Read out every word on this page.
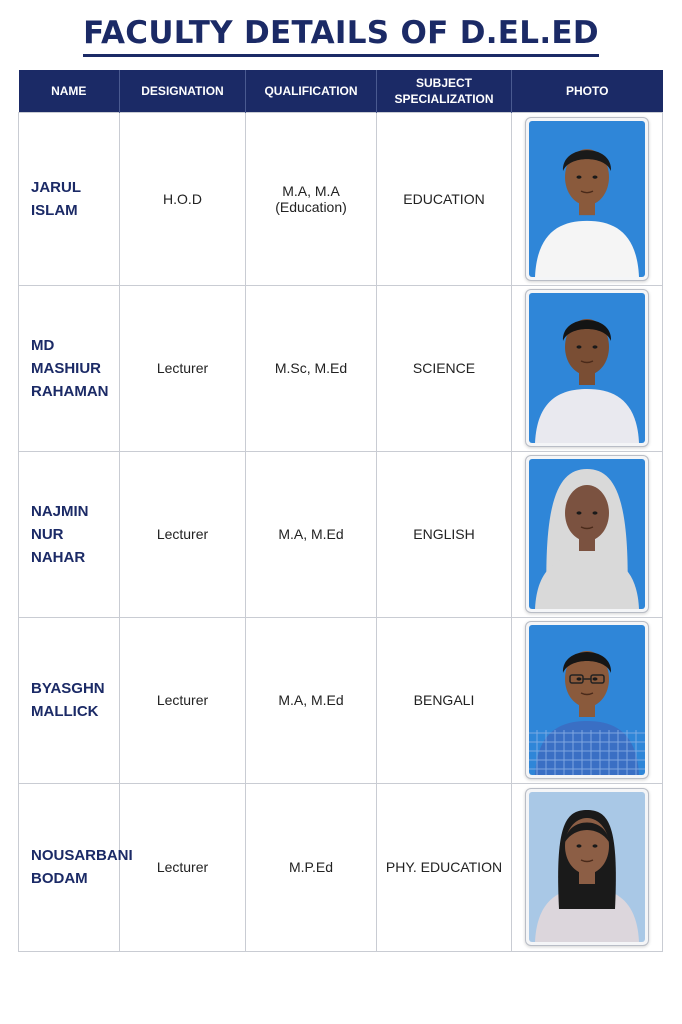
FACULTY DETAILS OF D.EL.ED
NAME	DESIGNATION	QUALIFICATION	SUBJECT
SPECIALIZATION	PHOTO

JARUL
ISLAM	H.O.D	M.A, M.A (Education)	EDUCATION	

MD
MASHIUR
RAHAMAN	Lecturer	M.Sc, M.Ed	SCIENCE	

NAJMIN
NUR NAHAR	Lecturer	M.A, M.Ed	ENGLISH	

BYASGHN
MALLICK	Lecturer	M.A, M.Ed	BENGALI	

NOUSARBANI
BODAM	Lecturer	M.P.Ed	PHY. EDUCATION	
